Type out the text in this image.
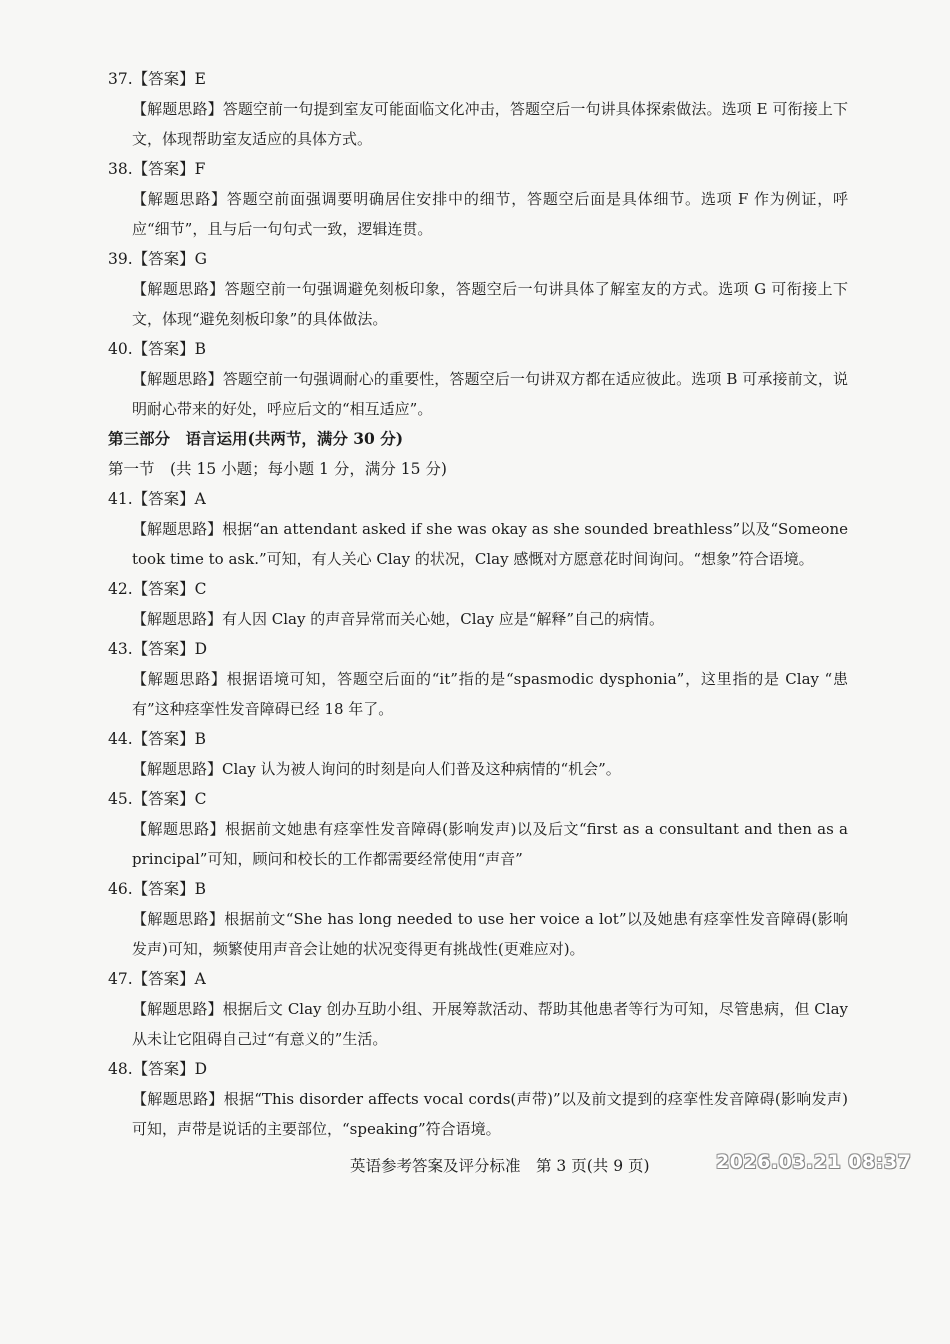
37.【答案】E
【解题思路】答题空前一句提到室友可能面临文化冲击，答题空后一句讲具体探索做法。选项 E 可衔接上下文，体现帮助室友适应的具体方式。
38.【答案】F
【解题思路】答题空前面强调要明确居住安排中的细节，答题空后面是具体细节。选项 F 作为例证，呼应“细节”，且与后一句句式一致，逻辑连贯。
39.【答案】G
【解题思路】答题空前一句强调避免刻板印象，答题空后一句讲具体了解室友的方式。选项 G 可衔接上下文，体现“避免刻板印象”的具体做法。
40.【答案】B
【解题思路】答题空前一句强调耐心的重要性，答题空后一句讲双方都在适应彼此。选项 B 可承接前文，说明耐心带来的好处，呼应后文的“相互适应”。
第三部分　语言运用(共两节，满分 30 分)
第一节　(共 15 小题；每小题 1 分，满分 15 分)
41.【答案】A
【解题思路】根据“an attendant asked if she was okay as she sounded breathless”以及“Someone took time to ask.”可知，有人关心 Clay 的状况，Clay 感慨对方愿意花时间询问。“想象”符合语境。
42.【答案】C
【解题思路】有人因 Clay 的声音异常而关心她，Clay 应是“解释”自己的病情。
43.【答案】D
【解题思路】根据语境可知，答题空后面的“it”指的是“spasmodic dysphonia”，这里指的是 Clay “患有”这种痉挛性发音障碍已经 18 年了。
44.【答案】B
【解题思路】Clay 认为被人询问的时刻是向人们普及这种病情的“机会”。
45.【答案】C
【解题思路】根据前文她患有痉挛性发音障碍(影响发声)以及后文“first as a consultant and then as a principal”可知，顾问和校长的工作都需要经常使用“声音”
46.【答案】B
【解题思路】根据前文“She has long needed to use her voice a lot”以及她患有痉挛性发音障碍(影响发声)可知，频繁使用声音会让她的状况变得更有挑战性(更难应对)。
47.【答案】A
【解题思路】根据后文 Clay 创办互助小组、开展筹款活动、帮助其他患者等行为可知，尽管患病，但 Clay 从未让它阻碍自己过“有意义的”生活。
48.【答案】D
【解题思路】根据“This disorder affects vocal cords(声带)”以及前文提到的痉挛性发音障碍(影响发声)可知，声带是说话的主要部位，“speaking”符合语境。
英语参考答案及评分标准　第 3 页(共 9 页)	2026.03.21 08:37
